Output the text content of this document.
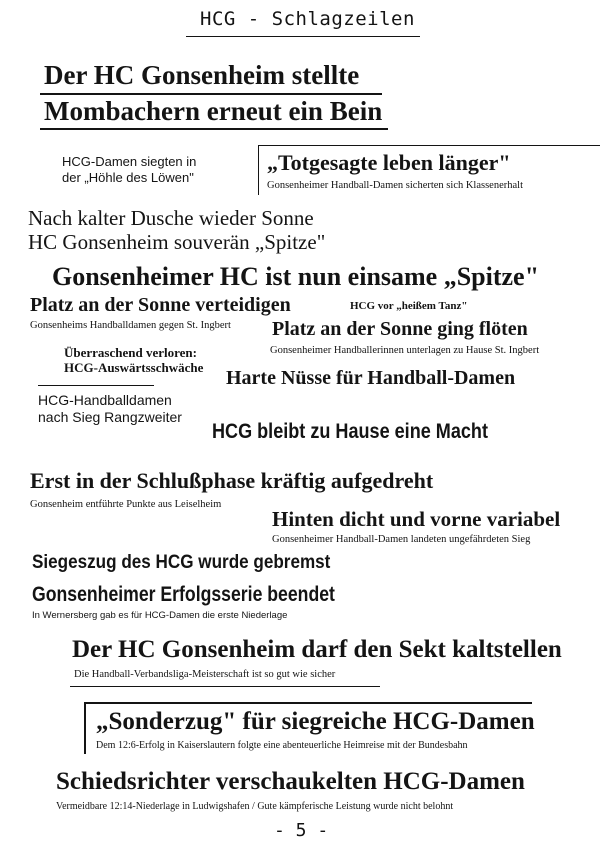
HCG - Schlagzeilen
Der HC Gonsenheim stellte
Mombachern erneut ein Bein
HCG-Damen siegten in
der „Höhle des Löwen"
„Totgesagte leben länger"
Gonsenheimer Handball-Damen sicherten sich Klassenerhalt
Nach kalter Dusche wieder Sonne
HC Gonsenheim souverän „Spitze"
Gonsenheimer HC ist nun einsame „Spitze"
Platz an der Sonne verteidigen
Gonsenheims Handballdamen gegen St. Ingbert
HCG vor „heißem Tanz"
Platz an der Sonne ging flöten
Gonsenheimer Handballerinnen unterlagen zu Hause St. Ingbert
Überraschend verloren:
HCG-Auswärtsschwäche Harte Nüsse für Handball-Damen
HCG-Handballdamen
nach Sieg Rangzweiter
HCG bleibt zu Hause eine Macht
Erst in der Schlußphase kräftig aufgedreht
Gonsenheim entführte Punkte aus Leiselheim
Hinten dicht und vorne variabel
Gonsenheimer Handball-Damen landeten ungefährdeten Sieg
Siegeszug des HCG wurde gebremst
Gonsenheimer Erfolgsserie beendet
In Wernersberg gab es für HCG-Damen die erste Niederlage
Der HC Gonsenheim darf den Sekt kaltstellen
Die Handball-Verbandsliga-Meisterschaft ist so gut wie sicher
„Sonderzug" für siegreiche HCG-Damen
Dem 12:6-Erfolg in Kaiserslautern folgte eine abenteuerliche Heimreise mit der Bundesbahn
Schiedsrichter verschaukelten HCG-Damen
Vermeidbare 12:14-Niederlage in Ludwigshafen / Gute kämpferische Leistung wurde nicht belohnt
- 5 -
